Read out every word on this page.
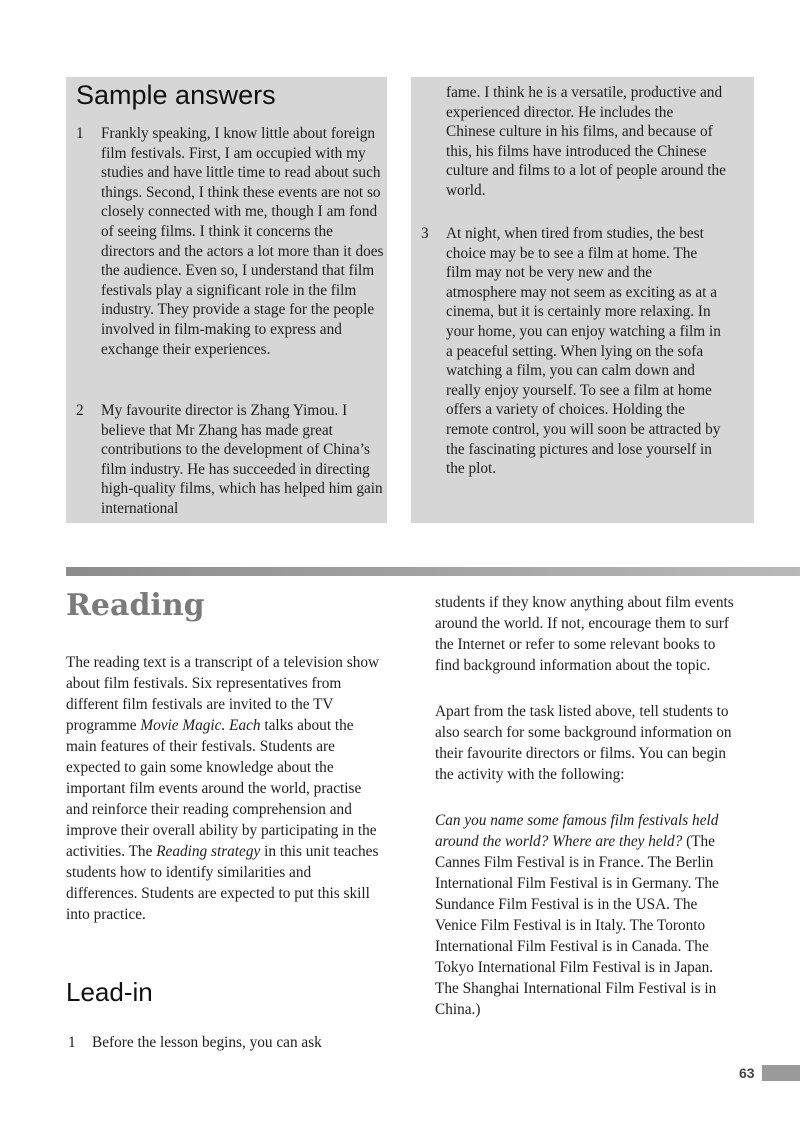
Sample answers
1 Frankly speaking, I know little about foreign film festivals. First, I am occupied with my studies and have little time to read about such things. Second, I think these events are not so closely connected with me, though I am fond of seeing films. I think it concerns the directors and the actors a lot more than it does the audience. Even so, I understand that film festivals play a significant role in the film industry. They provide a stage for the people involved in film-making to express and exchange their experiences.
2 My favourite director is Zhang Yimou. I believe that Mr Zhang has made great contributions to the development of China’s film industry. He has succeeded in directing high-quality films, which has helped him gain international
fame. I think he is a versatile, productive and experienced director. He includes the Chinese culture in his films, and because of this, his films have introduced the Chinese culture and films to a lot of people around the world.
3 At night, when tired from studies, the best choice may be to see a film at home. The film may not be very new and the atmosphere may not seem as exciting as at a cinema, but it is certainly more relaxing. In your home, you can enjoy watching a film in a peaceful setting. When lying on the sofa watching a film, you can calm down and really enjoy yourself. To see a film at home offers a variety of choices. Holding the remote control, you will soon be attracted by the fascinating pictures and lose yourself in the plot.
Reading

The reading text is a transcript of a television show about film festivals. Six representatives from different film festivals are invited to the TV programme Movie Magic. Each talks about the main features of their festivals. Students are expected to gain some knowledge about the important film events around the world, practise and reinforce their reading comprehension and improve their overall ability by participating in the activities. The Reading strategy in this unit teaches students how to identify similarities and differences. Students are expected to put this skill into practice.

Lead-in
1 Before the lesson begins, you can ask

students if they know anything about film events around the world. If not, encourage them to surf the Internet or refer to some relevant books to find background information about the topic.

Apart from the task listed above, tell students to also search for some background information on their favourite directors or films. You can begin the activity with the following:

Can you name some famous film festivals held around the world? Where are they held? (The Cannes Film Festival is in France. The Berlin International Film Festival is in Germany. The Sundance Film Festival is in the USA. The Venice Film Festival is in Italy. The Toronto International Film Festival is in Canada. The Tokyo International Film Festival is in Japan. The Shanghai International Film Festival is in China.)

63
